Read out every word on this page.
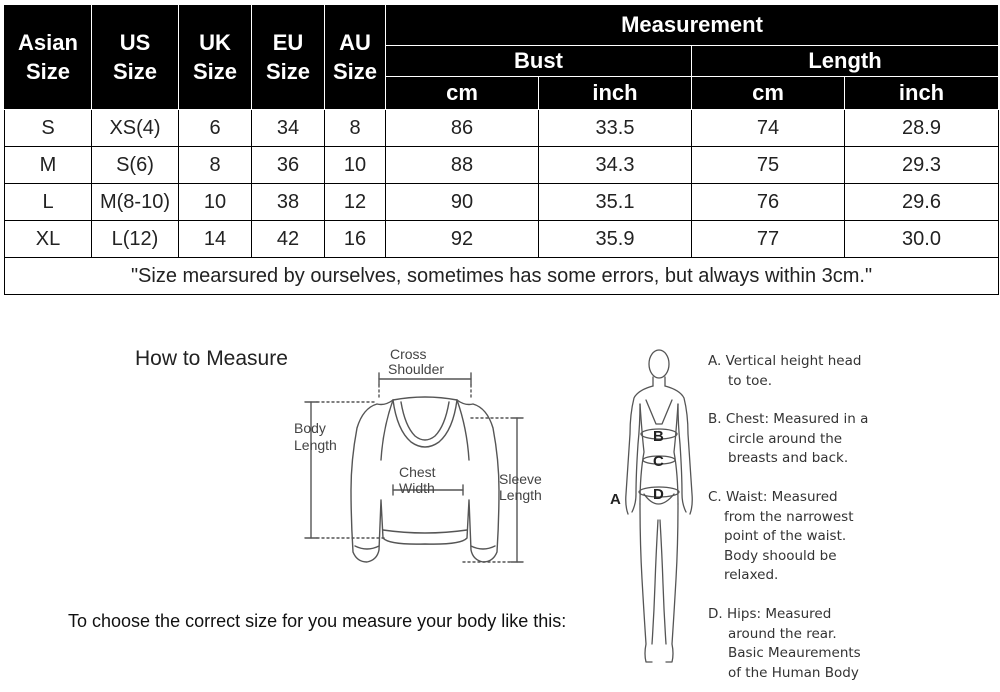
Asian
Size	US
Size	UK
Size	EU
Size	AU
Size	Measurement			
					Bust		Length	
					cm	inch	cm	inch
S	XS(4)	6	34	8	86	33.5	74	28.9
M	S(6)	8	36	10	88	34.3	75	29.3
L	M(8-10)	10	38	12	90	35.1	76	29.6
XL	L(12)	14	42	16	92	35.9	77	30.0
"Size mearsured by ourselves, sometimes has some errors, but always within 3cm."								
How to Measure	Cross
Shoulder
Body
Length
Chest
Width
Sleeve
Length
To choose the correct size for you measure your body like this:
B
C
D
A
A. Vertical height head
to toe.
B. Chest: Measured in a
circle around the
breasts and back.
C. Waist: Measured
from the narrowest
point of the waist.
Body shoould be
relaxed.
D. Hips: Measured
around the rear.
Basic Meaurements
of the Human Body
